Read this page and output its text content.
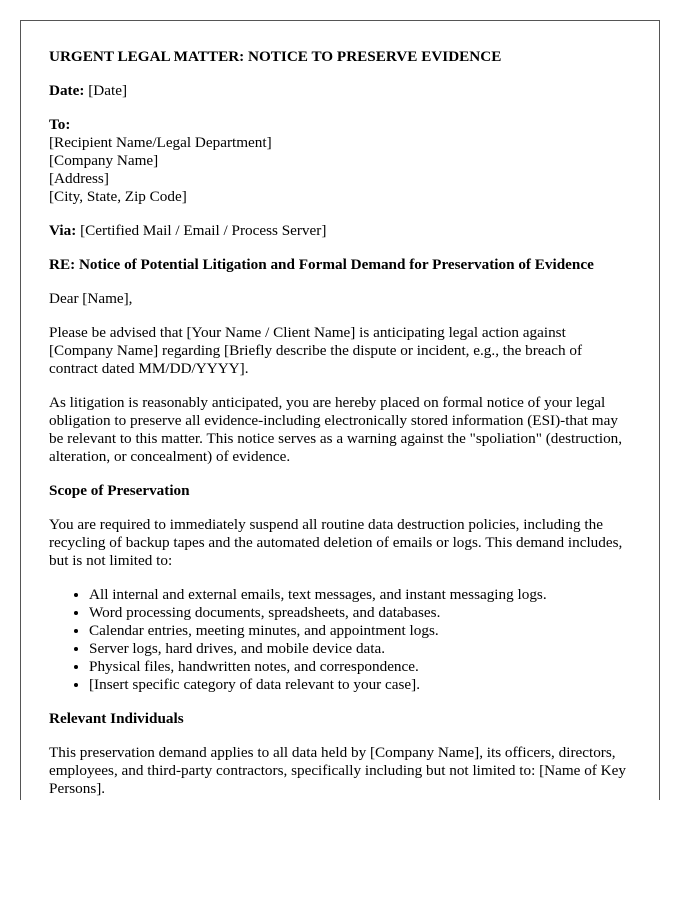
URGENT LEGAL MATTER: NOTICE TO PRESERVE EVIDENCE

Date: [Date]

To:
[Recipient Name/Legal Department]
[Company Name]
[Address]
[City, State, Zip Code]

Via: [Certified Mail / Email / Process Server]

RE: Notice of Potential Litigation and Formal Demand for Preservation of Evidence

Dear [Name],

Please be advised that [Your Name / Client Name] is anticipating legal action against [Company Name] regarding [Briefly describe the dispute or incident, e.g., the breach of contract dated MM/DD/YYYY].

As litigation is reasonably anticipated, you are hereby placed on formal notice of your legal obligation to preserve all evidence-including electronically stored information (ESI)-that may be relevant to this matter. This notice serves as a warning against the "spoliation" (destruction, alteration, or concealment) of evidence.

Scope of Preservation

You are required to immediately suspend all routine data destruction policies, including the recycling of backup tapes and the automated deletion of emails or logs. This demand includes, but is not limited to:

• All internal and external emails, text messages, and instant messaging logs.
• Word processing documents, spreadsheets, and databases.
• Calendar entries, meeting minutes, and appointment logs.
• Server logs, hard drives, and mobile device data.
• Physical files, handwritten notes, and correspondence.
• [Insert specific category of data relevant to your case].
Relevant Individuals

This preservation demand applies to all data held by [Company Name], its officers, directors, employees, and third-party contractors, specifically including but not limited to: [Name of Key Persons].
